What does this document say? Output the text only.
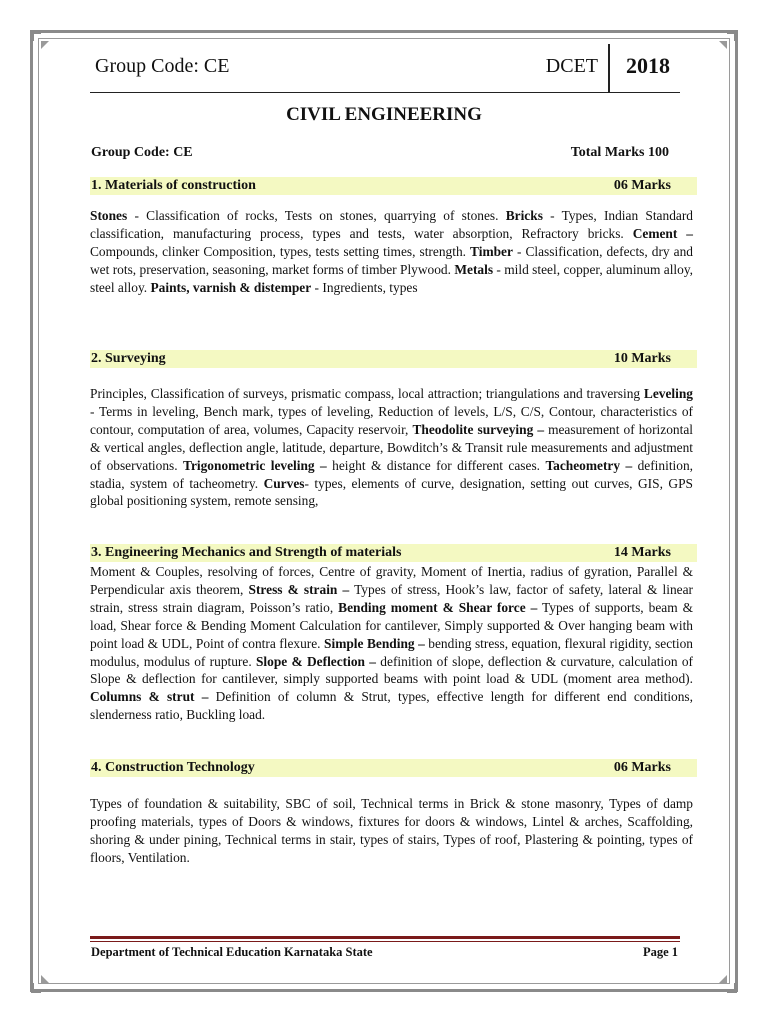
Group Code: CE	DCET 2018
CIVIL ENGINEERING
Group Code: CE	Total Marks 100
1. Materials of construction	06 Marks
Stones - Classification of rocks, Tests on stones, quarrying of stones. Bricks - Types, Indian Standard classification, manufacturing process, types and tests, water absorption, Refractory bricks. Cement – Compounds, clinker Composition, types, tests setting times, strength. Timber - Classification, defects, dry and wet rots, preservation, seasoning, market forms of timber Plywood. Metals - mild steel, copper, aluminum alloy, steel alloy. Paints, varnish & distemper - Ingredients, types
2. Surveying	10 Marks
Principles, Classification of surveys, prismatic compass, local attraction; triangulations and traversing Leveling - Terms in leveling, Bench mark, types of leveling, Reduction of levels, L/S, C/S, Contour, characteristics of contour, computation of area, volumes, Capacity reservoir, Theodolite surveying – measurement of horizontal & vertical angles, deflection angle, latitude, departure, Bowditch’s & Transit rule measurements and adjustment of observations. Trigonometric leveling – height & distance for different cases. Tacheometry – definition, stadia, system of tacheometry. Curves- types, elements of curve, designation, setting out curves, GIS, GPS global positioning system, remote sensing,
3. Engineering Mechanics and Strength of materials	14 Marks
Moment & Couples, resolving of forces, Centre of gravity, Moment of Inertia, radius of gyration, Parallel & Perpendicular axis theorem, Stress & strain – Types of stress, Hook’s law, factor of safety, lateral & linear strain, stress strain diagram, Poisson’s ratio, Bending moment & Shear force – Types of supports, beam & load, Shear force & Bending Moment Calculation for cantilever, Simply supported & Over hanging beam with point load & UDL, Point of contra flexure. Simple Bending – bending stress, equation, flexural rigidity, section modulus, modulus of rupture. Slope & Deflection – definition of slope, deflection & curvature, calculation of Slope & deflection for cantilever, simply supported beams with point load & UDL (moment area method). Columns & strut – Definition of column & Strut, types, effective length for different end conditions, slenderness ratio, Buckling load.
4. Construction Technology	06 Marks
Types of foundation & suitability, SBC of soil, Technical terms in Brick & stone masonry, Types of damp proofing materials, types of Doors & windows, fixtures for doors & windows, Lintel & arches, Scaffolding, shoring & under pining, Technical terms in stair, types of stairs, Types of roof, Plastering & pointing, types of floors, Ventilation.
Department of Technical Education Karnataka State	Page 1
